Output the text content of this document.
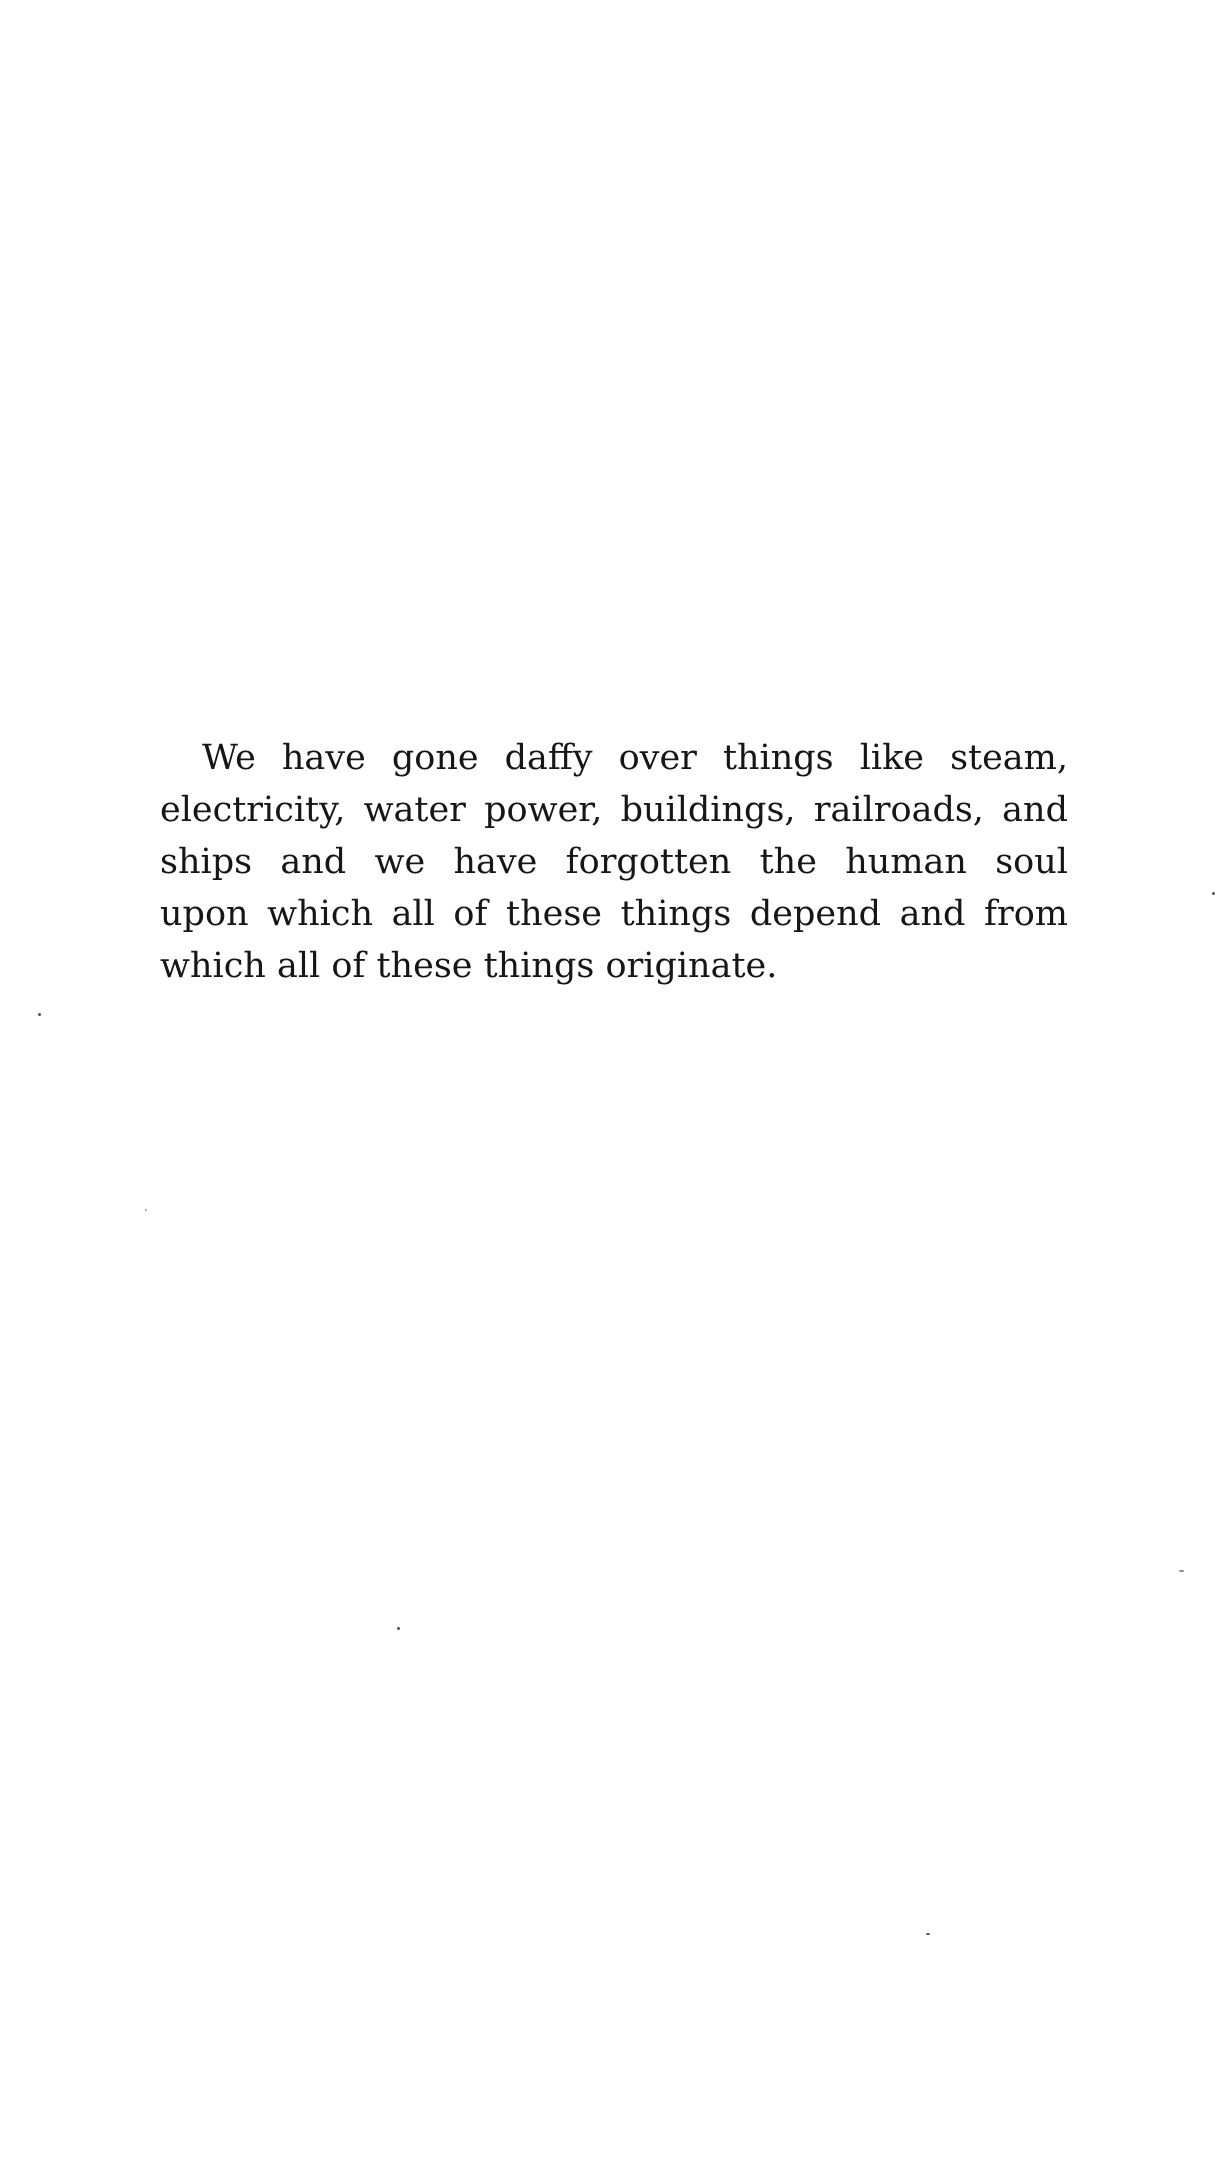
We have gone daffy over things like steam,
electricity, water power, buildings, railroads, and
ships and we have forgotten the human soul
upon which all of these things depend and from
which all of these things originate.
